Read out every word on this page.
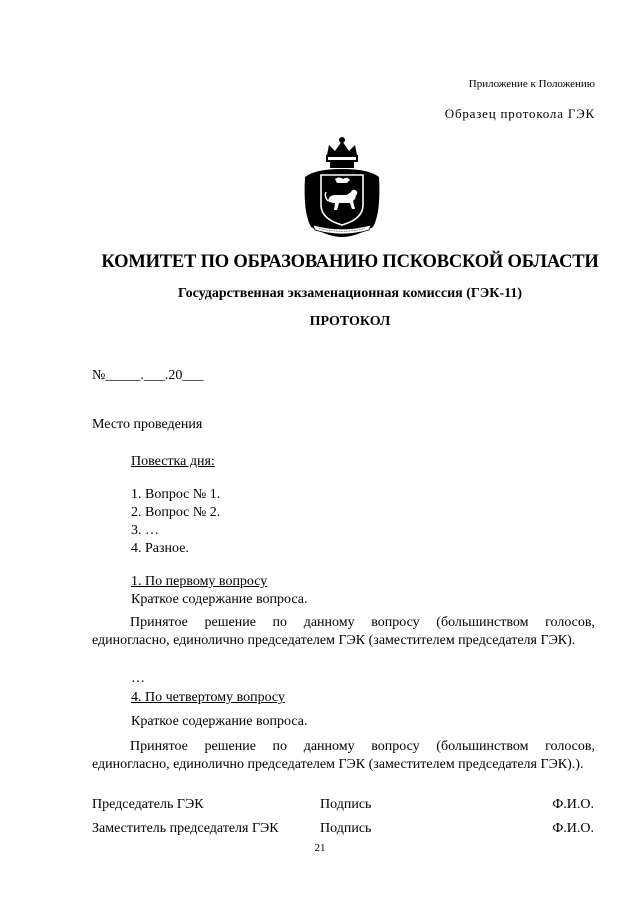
Приложение к Положению
Образец протокола ГЭК
КОМИТЕТ ПО ОБРАЗОВАНИЮ ПСКОВСКОЙ ОБЛАСТИ
Государственная экзаменационная комиссия (ГЭК-11)
ПРОТОКОЛ
№_____.___.20___
Место проведения
Повестка дня:
1. Вопрос № 1.
2. Вопрос № 2.
3. …
4. Разное.
1. По первому вопросу
Краткое содержание вопроса.
Принятое решение по данному вопросу (большинством голосов, единогласно, единолично председателем ГЭК (заместителем председателя ГЭК).
…
4. По четвертому вопросу
Краткое содержание вопроса.
Принятое решение по данному вопросу (большинством голосов, единогласно, единолично председателем ГЭК (заместителем председателя ГЭК).).
Председатель ГЭК	Подпись	Ф.И.О.
Заместитель председателя ГЭК	Подпись	Ф.И.О.
21
